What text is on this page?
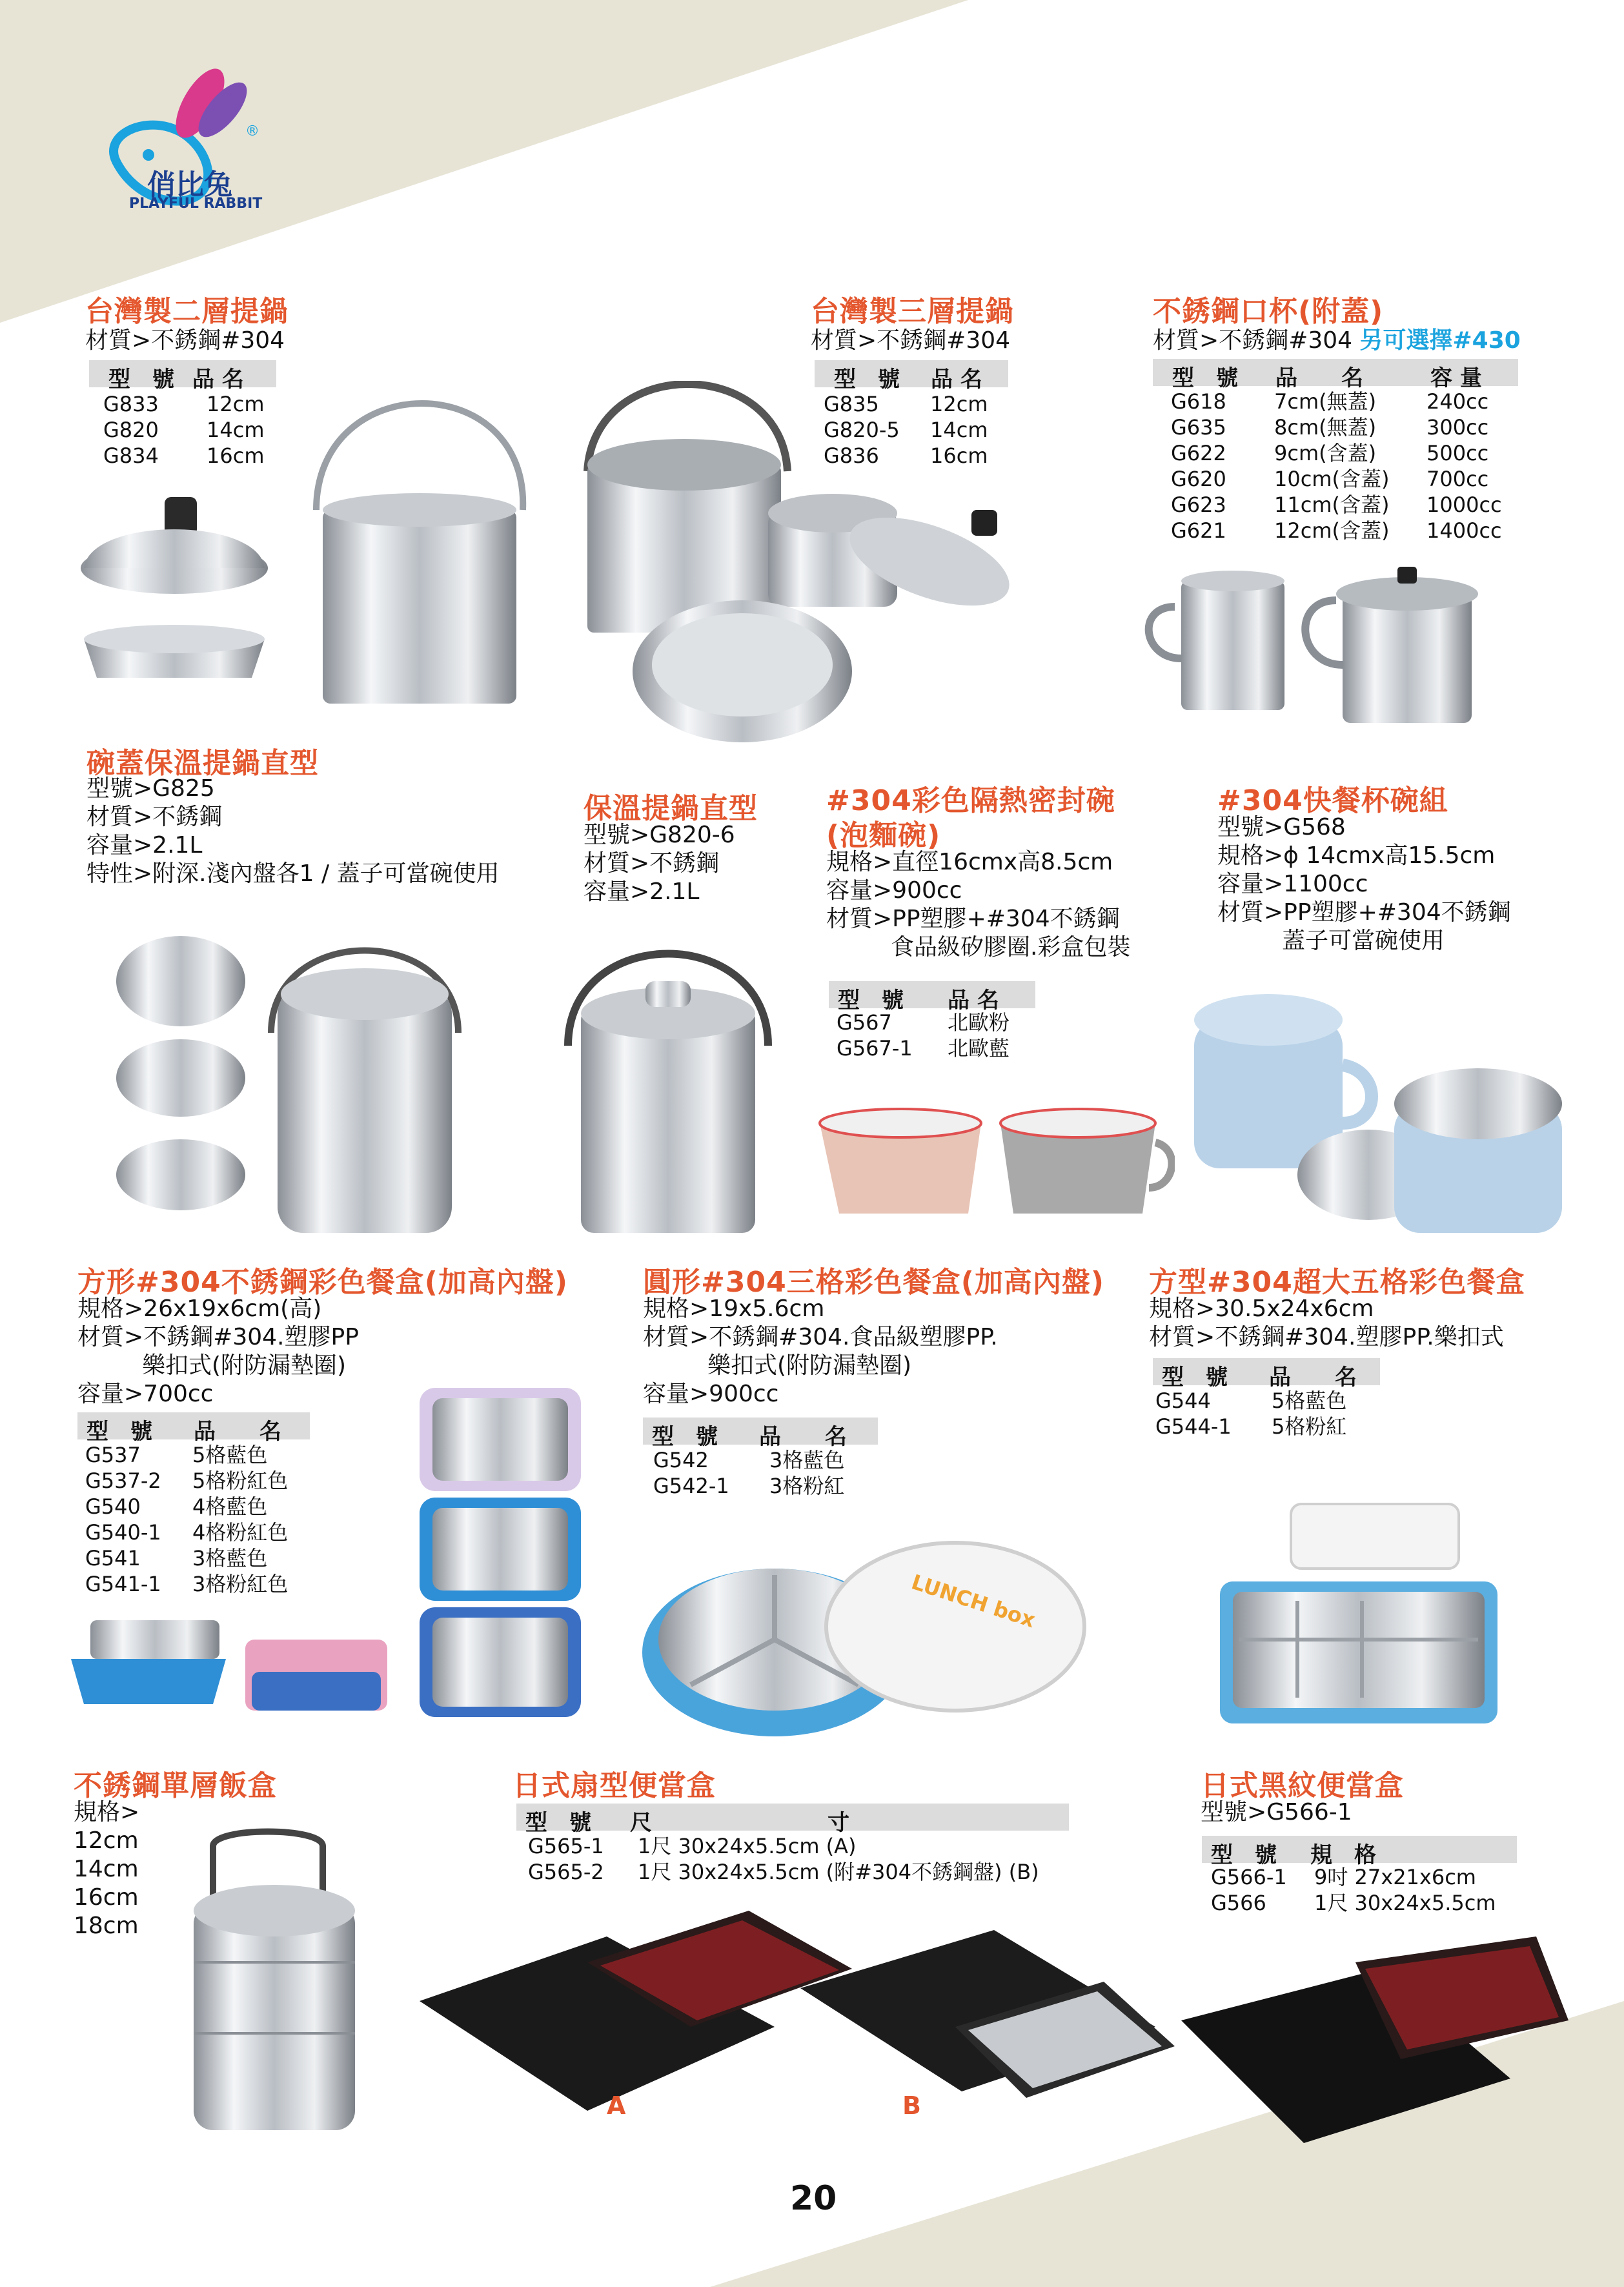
®
俏比兔
PLAYFUL RABBIT
台灣製二層提鍋
材質>不銹鋼#304
型　號 品 名
G833 12cm
G820 14cm
G834 16cm
台灣製三層提鍋
材質>不銹鋼#304
型　號 品 名
G835 12cm
G820-5 14cm
G836 16cm
不銹鋼口杯(附蓋)
材質>不銹鋼#304 另可選擇#430
型　號 品　　名	容 量
G618 7cm(無蓋) 240cc
G635 8cm(無蓋) 300cc
G622 9cm(含蓋) 500cc
G620 10cm(含蓋) 700cc
G623 11cm(含蓋) 1000cc
G621 12cm(含蓋) 1400cc
碗蓋保溫提鍋直型
型號>G825
材質>不銹鋼
容量>2.1L
特性>附深.淺內盤各1 / 蓋子可當碗使用
保溫提鍋直型
型號>G820-6
材質>不銹鋼
容量>2.1L
#304彩色隔熱密封碗
(泡麵碗)
規格>直徑16cmx高8.5cm
容量>900cc
材質>PP塑膠+#304不銹鋼
食品級矽膠圈.彩盒包裝
型　號 品 名
G567	北歐粉
G567-1 北歐藍
#304快餐杯碗組
型號>G568
規格>ϕ 14cmx高15.5cm
容量>1100cc
材質>PP塑膠+#304不銹鋼
蓋子可當碗使用
方形#304不銹鋼彩色餐盒(加高內盤)
規格>26x19x6cm(高)
材質>不銹鋼#304.塑膠PP
樂扣式(附防漏墊圈)
容量>700cc
型　號 品　　名
G537	5格藍色
G537-2 5格粉紅色
G540	4格藍色
G540-1 4格粉紅色
G541	3格藍色
G541-1 3格粉紅色
圓形#304三格彩色餐盒(加高內盤)
規格>19x5.6cm
材質>不銹鋼#304.食品級塑膠PP.
樂扣式(附防漏墊圈)
容量>900cc
型　號 品　　名
G542	3格藍色
G542-1 3格粉紅
LUNCH box
方型#304超大五格彩色餐盒
規格>30.5x24x6cm
材質>不銹鋼#304.塑膠PP.樂扣式
型　號 品　　名
G544	5格藍色
G544-1 5格粉紅
不銹鋼單層飯盒
規格>
12cm
14cm
16cm
18cm
日式扇型便當盒
型　號 尺　　　　　　　　寸
G565-1 1尺 30x24x5.5cm (A)
G565-2 1尺 30x24x5.5cm (附#304不銹鋼盤) (B)
A	B
日式黑紋便當盒
型號>G566-1
型　號 規　格
G566-1 9吋 27x21x6cm
G566 1尺 30x24x5.5cm
20
